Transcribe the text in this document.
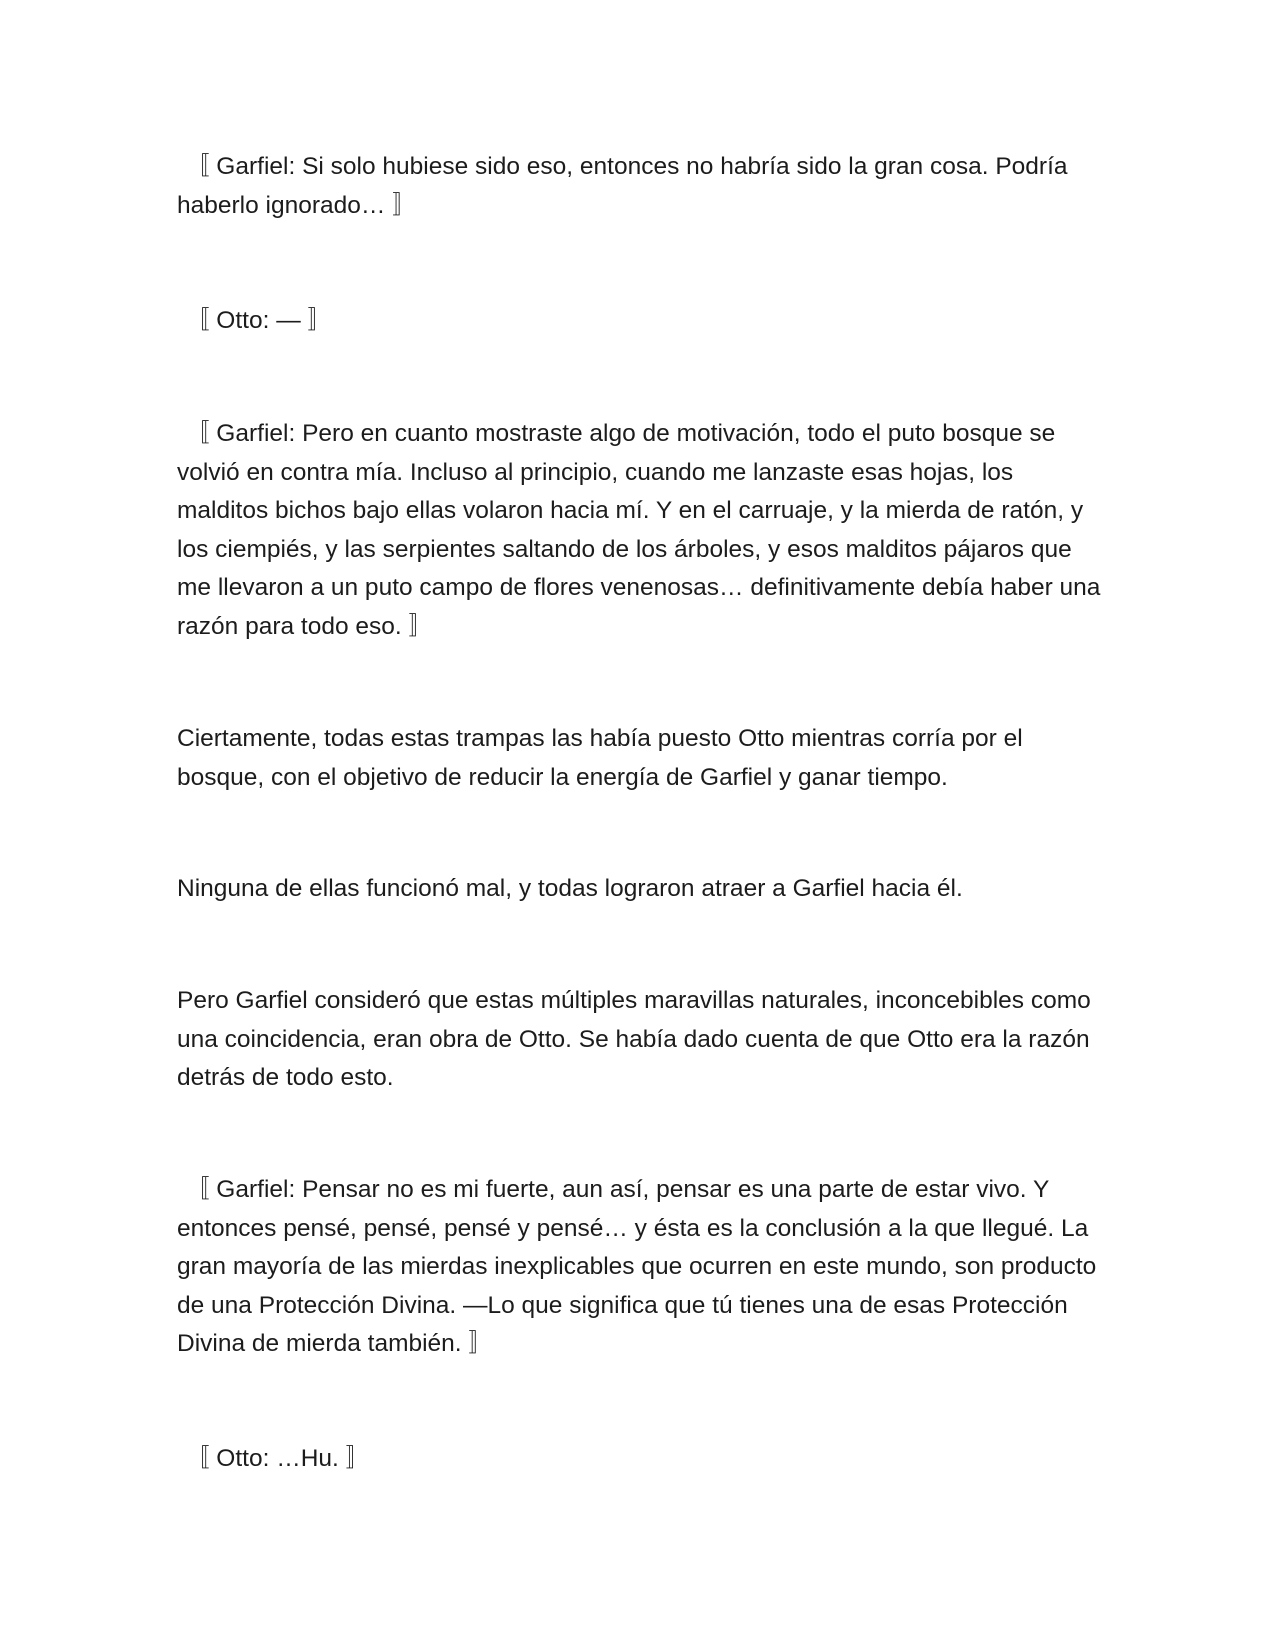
〚 Garfiel: Si solo hubiese sido eso, entonces no habría sido la gran cosa. Podría haberlo ignorado… 〛

〚 Otto: — 〛

〚 Garfiel: Pero en cuanto mostraste algo de motivación, todo el puto bosque se volvió en contra mía. Incluso al principio, cuando me lanzaste esas hojas, los malditos bichos bajo ellas volaron hacia mí. Y en el carruaje, y la mierda de ratón, y los ciempiés, y las serpientes saltando de los árboles, y esos malditos pájaros que me llevaron a un puto campo de flores venenosas… definitivamente debía haber una razón para todo eso. 〛

Ciertamente, todas estas trampas las había puesto Otto mientras corría por el bosque, con el objetivo de reducir la energía de Garfiel y ganar tiempo.

Ninguna de ellas funcionó mal, y todas lograron atraer a Garfiel hacia él.

Pero Garfiel consideró que estas múltiples maravillas naturales, inconcebibles como una coincidencia, eran obra de Otto. Se había dado cuenta de que Otto era la razón detrás de todo esto.

〚 Garfiel: Pensar no es mi fuerte, aun así, pensar es una parte de estar vivo. Y entonces pensé, pensé, pensé y pensé… y ésta es la conclusión a la que llegué. La gran mayoría de las mierdas inexplicables que ocurren en este mundo, son producto de una Protección Divina. —Lo que significa que tú tienes una de esas Protección Divina de mierda también. 〛

〚 Otto: …Hu. 〛
